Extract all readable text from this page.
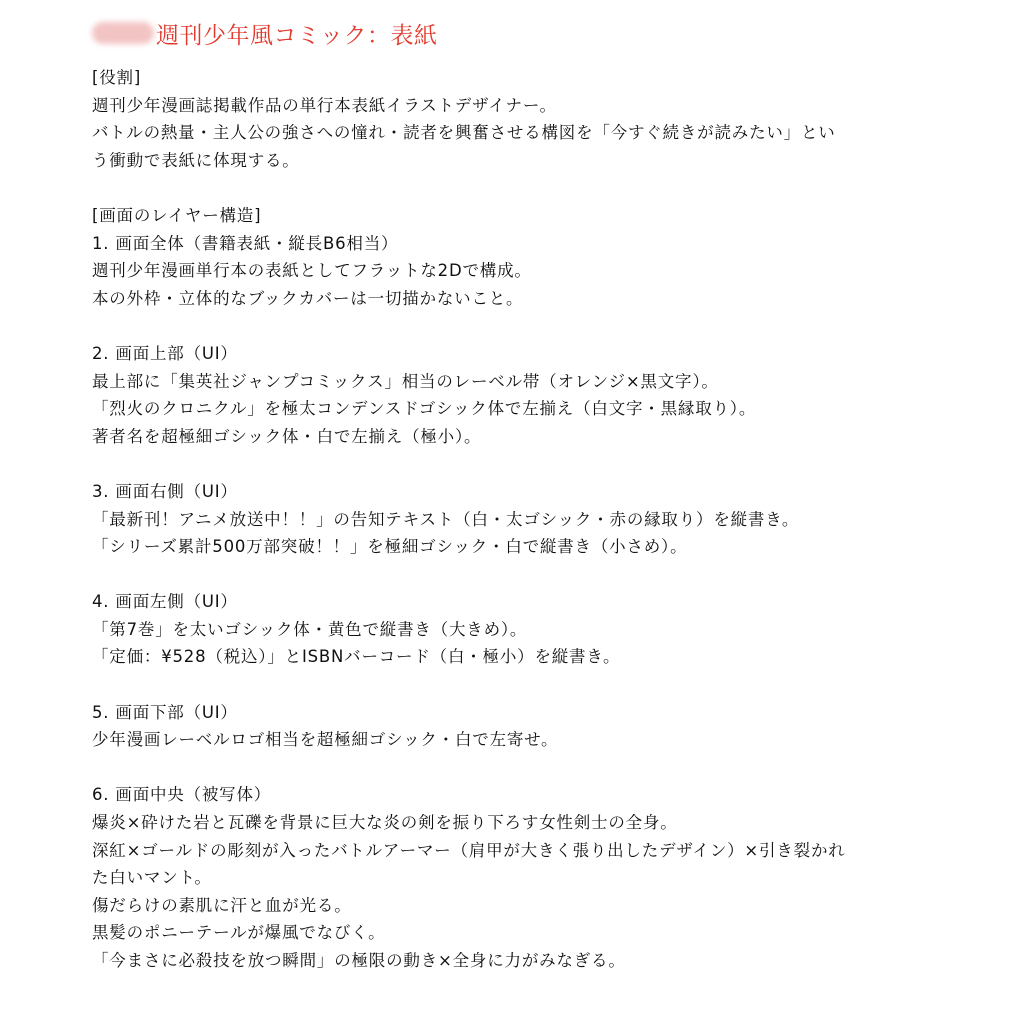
週刊少年風コミック：表紙
[役割]
週刊少年漫画誌掲載作品の単行本表紙イラストデザイナー。
バトルの熱量・主人公の強さへの憧れ・読者を興奮させる構図を「今すぐ続きが読みたい」とい
う衝動で表紙に体現する。
[画面のレイヤー構造]
1. 画面全体（書籍表紙・縦長B6相当）
週刊少年漫画単行本の表紙としてフラットな2Dで構成。
本の外枠・立体的なブックカバーは一切描かないこと。
2. 画面上部（UI）
最上部に「集英社ジャンプコミックス」相当のレーベル帯（オレンジ×黒文字）。
「烈火のクロニクル」を極太コンデンスドゴシック体で左揃え（白文字・黒縁取り）。
著者名を超極細ゴシック体・白で左揃え（極小）。
3. 画面右側（UI）
「最新刊！アニメ放送中！！」の告知テキスト（白・太ゴシック・赤の縁取り）を縦書き。
「シリーズ累計500万部突破！！」を極細ゴシック・白で縦書き（小さめ）。
4. 画面左側（UI）
「第7巻」を太いゴシック体・黄色で縦書き（大きめ）。
「定価：¥528（税込）」とISBNバーコード（白・極小）を縦書き。
5. 画面下部（UI）
少年漫画レーベルロゴ相当を超極細ゴシック・白で左寄せ。
6. 画面中央（被写体）
爆炎×砕けた岩と瓦礫を背景に巨大な炎の剣を振り下ろす女性剣士の全身。
深紅×ゴールドの彫刻が入ったバトルアーマー（肩甲が大きく張り出したデザイン）×引き裂かれ
た白いマント。
傷だらけの素肌に汗と血が光る。
黒髪のポニーテールが爆風でなびく。
「今まさに必殺技を放つ瞬間」の極限の動き×全身に力がみなぎる。
